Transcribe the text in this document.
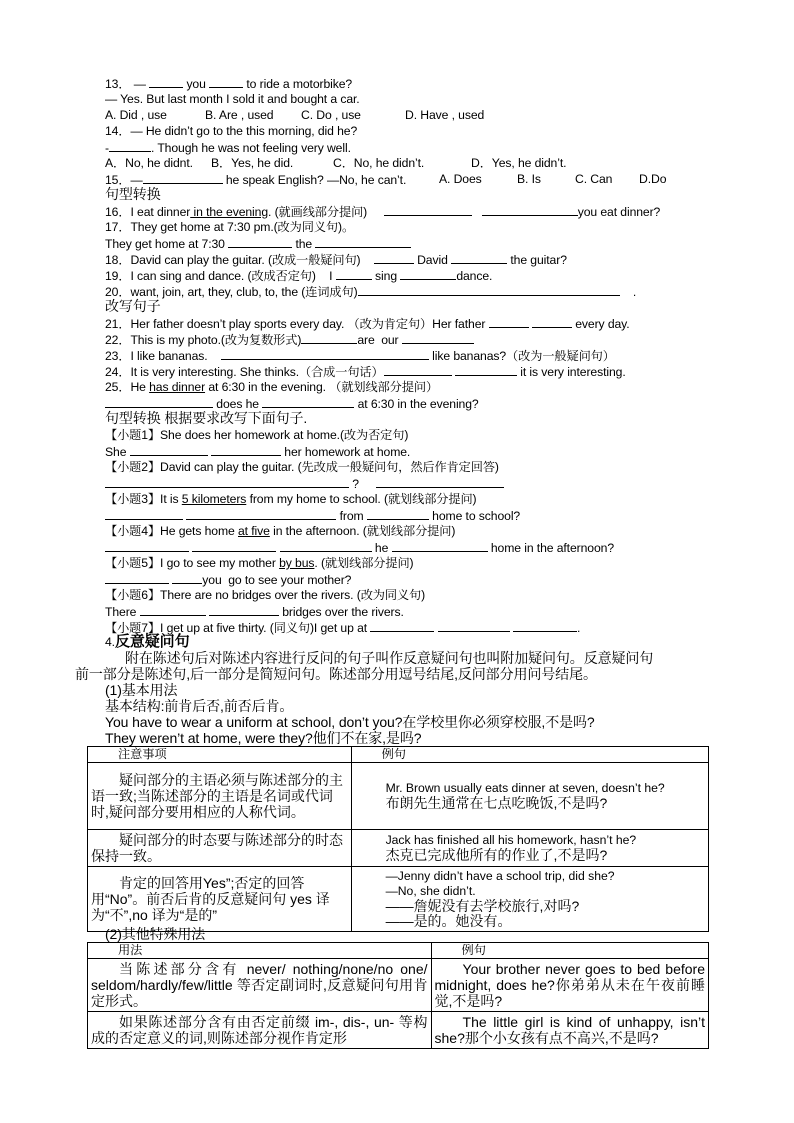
13． —	you	to ride a motorbike?
— Yes. But last month I sold it and bought a car.
A. Did , use	B. Are , used C. Do , use	D. Have , used
14．— He didn’t go to the this morning, did he?
-	. Though he was not feeling very well.
A．No, he didnt. B．Yes, he did.	C．No, he didn’t.	D．Yes, he didn’t.
15．—	he speak English? —No, he can’t.	A. Does	B. Is	C. Can D.Do
句型转换
16．I eat dinner in the evening. (就画线部分提问)	you eat dinner?
17．They get home at 7:30 pm.(改为同义句)。
They get home at 7:30	the
18．David can play the guitar. (改成一般疑问句)	David	the guitar?
19．I can sing and dance. (改成否定句) I	sing	dance.
20．want, join, art, they, club, to, the (连词成句)	.
改写句子
21．Her father doesn’t play sports every day. （改为肯定句）Her father	every day.
22．This is my photo.(改为复数形式)	are  our
23．I like bananas.	like bananas?（改为一般疑问句）
24．It is very interesting. She thinks.（合成一句话）	it is very interesting.
25．He has dinner at 6:30 in the evening. （就划线部分提问）
does he	at 6:30 in the evening?
句型转换 根据要求改写下面句子.
【小题1】She does her homework at home.(改为否定句)
She	her homework at home.
【小题2】David can play the guitar. (先改成一般疑问句，然后作肯定回答)
?
【小题3】It is 5 kilometers from my home to school. (就划线部分提问)
from	home to school?
【小题4】He gets home at five in the afternoon. (就划线部分提问)
he	home in the afternoon?
【小题5】I go to see my mother by bus. (就划线部分提问)
you  go to see your mother?
【小题6】There are no bridges over the rivers. (改为同义句)
There	bridges over the rivers.
【小题7】I get up at five thirty. (同义句)I get up at	.
4.反意疑问句
附在陈述句后对陈述内容进行反问的句子叫作反意疑问句也叫附加疑问句。反意疑问句
前一部分是陈述句,后一部分是简短问句。陈述部分用逗号结尾,反问部分用问号结尾。
(1)基本用法
基本结构:前肯后否,前否后肯。
You have to wear a uniform at school, don’t you?在学校里你必须穿校服,不是吗?
They weren’t at home, were they?他们不在家,是吗?
注意事项	例句
疑问部分的主语必须与陈述部分的主语一致;当陈述部分的主语是名词或代词时,疑问部分要用相应的人称代词。	Mr. Brown usually eats dinner at seven, doesn’t he?
布朗先生通常在七点吃晚饭,不是吗?

疑问部分的时态要与陈述部分的时态保持一致。	Jack has finished all his homework, hasn’t he?
杰克已完成他所有的作业了,不是吗?

肯定的回答用Yes”;否定的回答用“No”。前否后肯的反意疑问句 yes 译为“不”,no 译为“是的”	—Jenny didn’t have a school trip, did she?
—No, she didn’t.
——詹妮没有去学校旅行,对吗?
——是的。她没有。
(2)其他特殊用法
用法	例句
当陈述部分含有 never/ nothing/none/no one/ seldom/hardly/few/little 等否定副词时,反意疑问句用肯定形式。	Your brother never goes to bed before midnight, does he?你弟弟从未在午夜前睡觉,不是吗?
如果陈述部分含有由否定前缀 im-, dis-, un- 等构成的否定意义的词,则陈述部分视作肯定形	The little girl is kind of unhappy, isn’t she?那个小女孩有点不高兴,不是吗?
